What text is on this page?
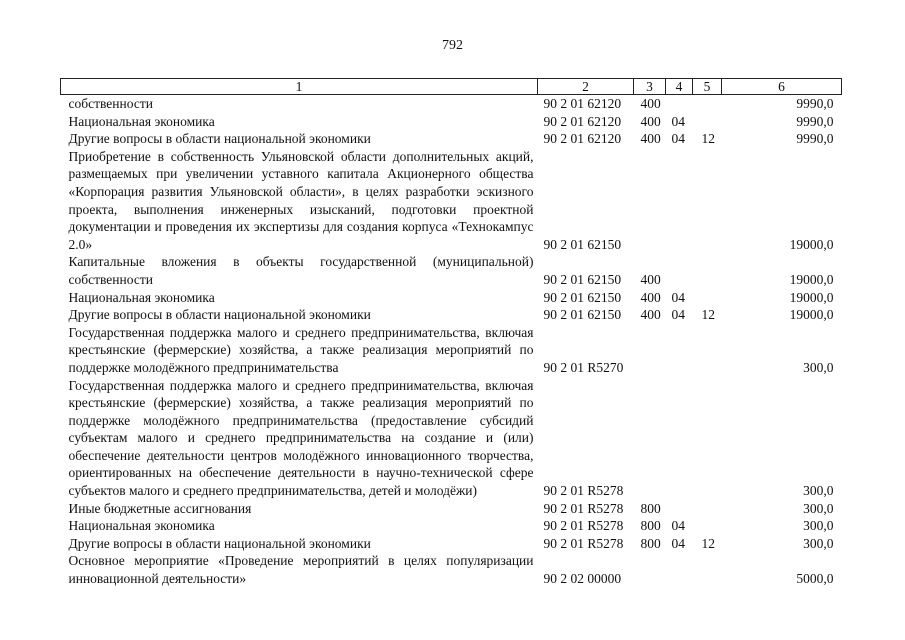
792
1	2	3	4	5	6
собственности	90 2 01 62120	400			9990,0
Национальная экономика	90 2 01 62120	400	04		9990,0
Другие вопросы в области национальной экономики	90 2 01 62120	400	04	12	9990,0
Приобретение в собственность Ульяновской области дополнительных акций, размещаемых при увеличении уставного капитала Акционерного общества «Корпорация развития Ульяновской области», в целях разработки эскизного проекта, выполнения инженерных изысканий, подготовки проектной документации и проведения их экспертизы для создания корпуса «Технокампус 2.0»	90 2 01 62150				19000,0
Капитальные вложения в объекты государственной (муниципальной) собственности	90 2 01 62150	400			19000,0
Национальная экономика	90 2 01 62150	400	04		19000,0
Другие вопросы в области национальной экономики	90 2 01 62150	400	04	12	19000,0
Государственная поддержка малого и среднего предпринимательства, включая крестьянские (фермерские) хозяйства, а также реализация мероприятий по поддержке молодёжного предпринимательства	90 2 01 R5270				300,0
Государственная поддержка малого и среднего предпринимательства, включая крестьянские (фермерские) хозяйства, а также реализация мероприятий по поддержке молодёжного предпринимательства (предоставление субсидий субъектам малого и среднего предпринимательства на создание и (или) обеспечение деятельности центров молодёжного инновационного творчества, ориентированных на обеспечение деятельности в научно-технической сфере субъектов малого и среднего предпринимательства, детей и молодёжи)	90 2 01 R5278				300,0
Иные бюджетные ассигнования	90 2 01 R5278	800			300,0
Национальная экономика	90 2 01 R5278	800	04		300,0
Другие вопросы в области национальной экономики	90 2 01 R5278	800	04	12	300,0
Основное мероприятие «Проведение мероприятий в целях популяризации инновационной деятельности»	90 2 02 00000				5000,0
